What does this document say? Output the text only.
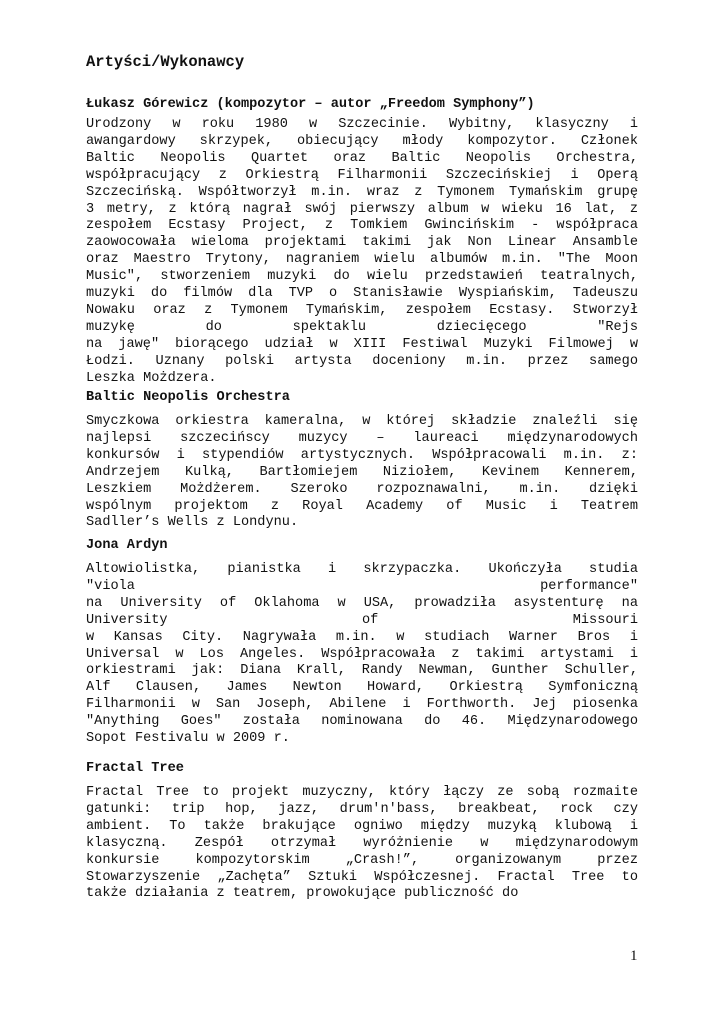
Artyści/Wykonawcy
Łukasz Górewicz (kompozytor – autor „Freedom Symphony”)
Urodzony w roku 1980 w Szczecinie. Wybitny, klasyczny i
awangardowy skrzypek, obiecujący młody kompozytor. Członek
Baltic Neopolis Quartet oraz Baltic Neopolis Orchestra,
współpracujący z Orkiestrą Filharmonii Szczecińskiej i Operą
Szczecińską. Współtworzył m.in. wraz z Tymonem Tymańskim grupę
3 metry, z którą nagrał swój pierwszy album w wieku 16 lat, z
zespołem Ecstasy Project, z Tomkiem Gwincińskim - współpraca
zaowocowała wieloma projektami takimi jak Non Linear Ansamble
oraz Maestro Trytony, nagraniem wielu albumów m.in. "The Moon
Music", stworzeniem muzyki do wielu przedstawień teatralnych,
muzyki do filmów dla TVP o Stanisławie Wyspiańskim, Tadeuszu
Nowaku oraz z Tymonem Tymańskim, zespołem Ecstasy. Stworzył
muzykę do spektaklu dziecięcego "Rejs
na jawę" biorącego udział w XIII Festiwal Muzyki Filmowej w
Łodzi. Uznany polski artysta doceniony m.in. przez samego
Leszka Możdzera.
Baltic Neopolis Orchestra
Smyczkowa orkiestra kameralna, w której składzie znaleźli się
najlepsi szczecińscy muzycy – laureaci międzynarodowych
konkursów i stypendiów artystycznych. Współpracowali m.in. z:
Andrzejem Kulką, Bartłomiejem Niziołem, Kevinem Kennerem,
Leszkiem Możdżerem. Szeroko rozpoznawalni, m.in. dzięki
wspólnym projektom z Royal Academy of Music i Teatrem
Sadller’s Wells z Londynu.
Jona Ardyn
Altowiolistka, pianistka i skrzypaczka. Ukończyła studia
"viola performance"
na University of Oklahoma w USA, prowadziła asystenturę na
University of Missouri
w Kansas City. Nagrywała m.in. w studiach Warner Bros i
Universal w Los Angeles. Współpracowała z takimi artystami i
orkiestrami jak: Diana Krall, Randy Newman, Gunther Schuller,
Alf Clausen, James Newton Howard, Orkiestrą Symfoniczną
Filharmonii w San Joseph, Abilene i Forthworth. Jej piosenka
"Anything Goes" została nominowana do 46. Międzynarodowego
Sopot Festivalu w 2009 r.
Fractal Tree
Fractal Tree to projekt muzyczny, który łączy ze sobą rozmaite
gatunki: trip hop, jazz, drum'n'bass, breakbeat, rock czy
ambient. To także brakujące ogniwo między muzyką klubową i
klasyczną. Zespół otrzymał wyróżnienie w międzynarodowym
konkursie kompozytorskim „Crash!”, organizowanym przez
Stowarzyszenie „Zachęta” Sztuki Współczesnej. Fractal Tree to
także działania z teatrem, prowokujące publiczność do
1
